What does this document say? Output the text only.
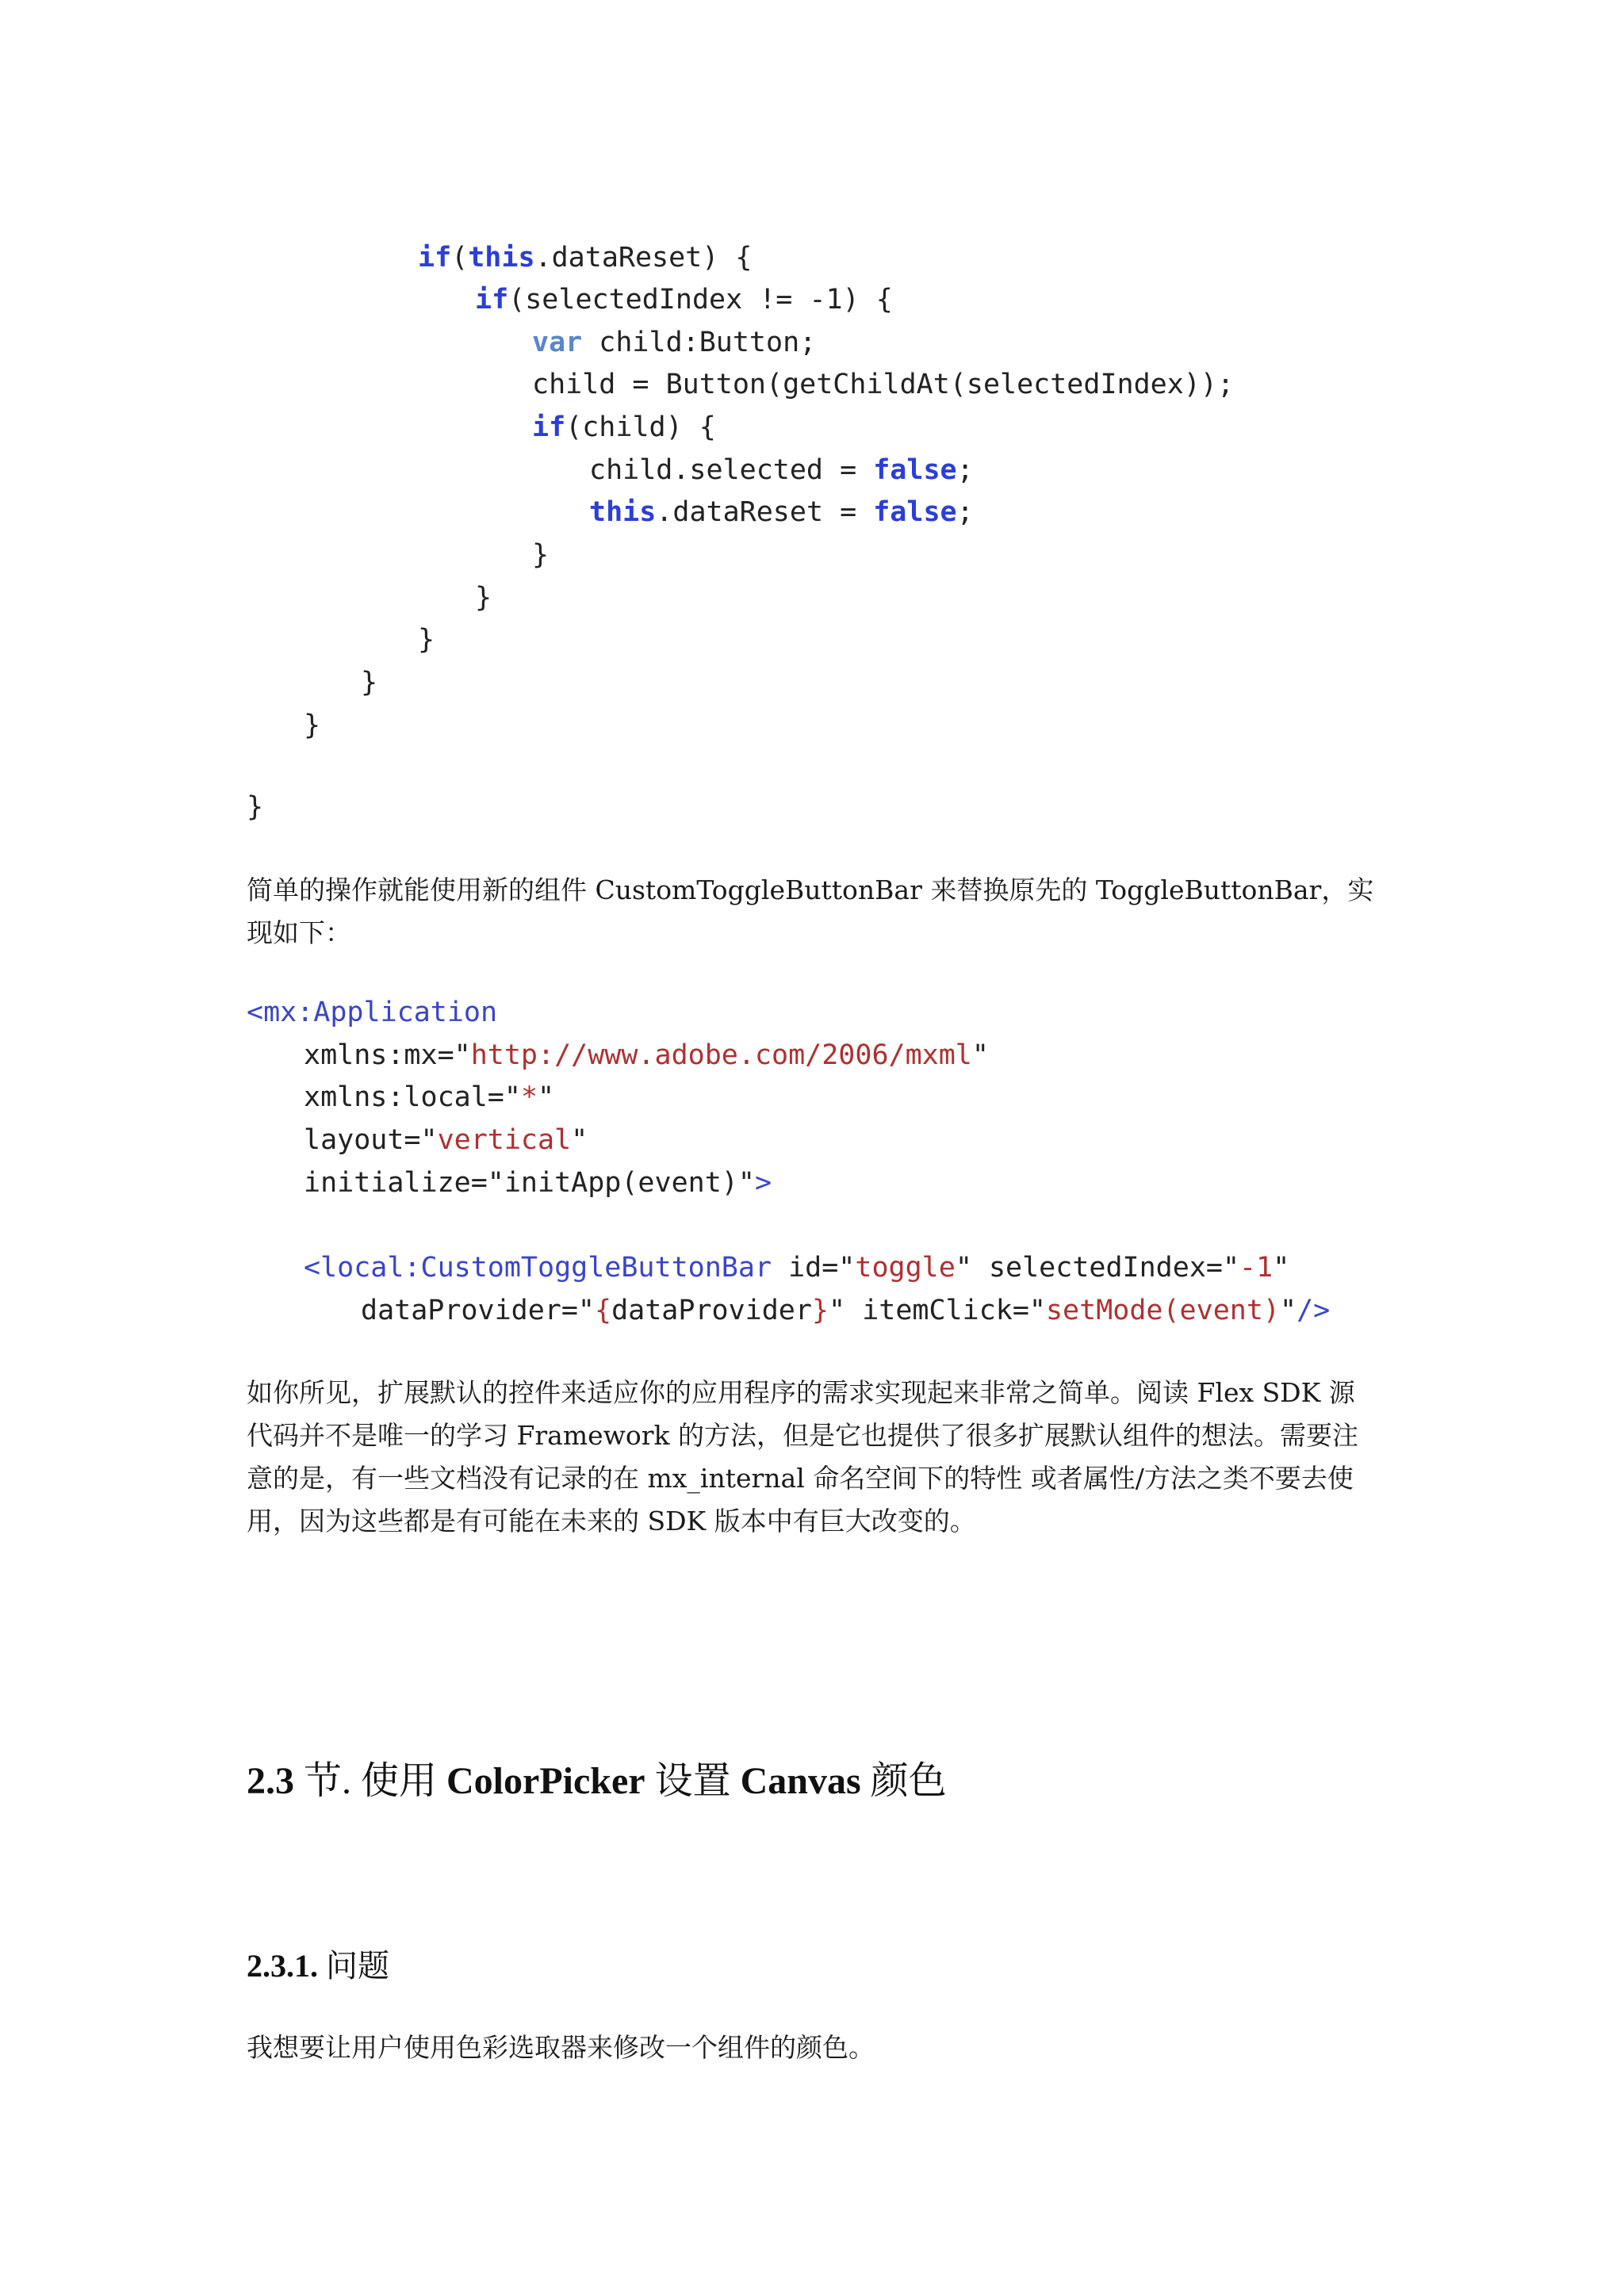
if(this.dataReset) {
if(selectedIndex != -1) {
var child:Button;
child = Button(getChildAt(selectedIndex));
if(child) {
child.selected = false;
this.dataReset = false;
}
}
}
}
}
}

简单的操作就能使用新的组件 CustomToggleButtonBar 来替换原先的 ToggleButtonBar，实现如下：

<mx:Application
xmlns:mx="http://www.adobe.com/2006/mxml"
xmlns:local="*"
layout="vertical"
initialize="initApp(event)">
<local:CustomToggleButtonBar id="toggle" selectedIndex="-1"
dataProvider="{dataProvider}" itemClick="setMode(event)"/>

如你所见，扩展默认的控件来适应你的应用程序的需求实现起来非常之简单。阅读 Flex SDK 源代码并不是唯一的学习 Framework 的方法，但是它也提供了很多扩展默认组件的想法。需要注意的是，有一些文档没有记录的在 mx_internal 命名空间下的特性 或者属性/方法之类不要去使用，因为这些都是有可能在未来的 SDK 版本中有巨大改变的。

2.3 节. 使用 ColorPicker 设置 Canvas 颜色
2.3.1. 问题

我想要让用户使用色彩选取器来修改一个组件的颜色。
